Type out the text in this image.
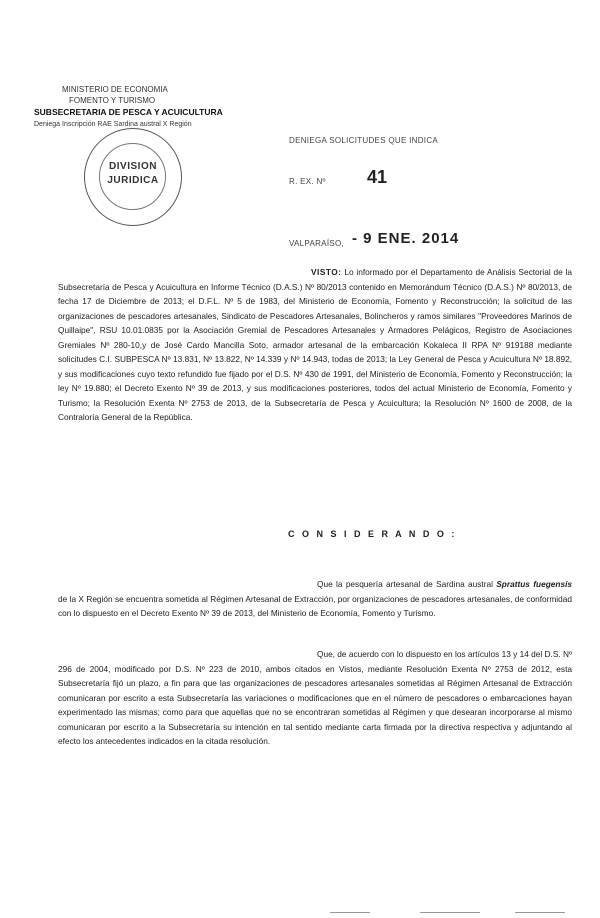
MINISTERIO DE ECONOMIA
FOMENTO Y TURISMO
SUBSECRETARIA DE PESCA Y ACUICULTURA
Deniega Inscripción RAE Sardina austral X Región
DIVISION
JURIDICA
DENIEGA SOLICITUDES QUE INDICA
R. EX. Nº 41
VALPARAÍSO, - 9 ENE. 2014
VISTO: Lo informado por el Departamento de Análisis Sectorial de la Subsecretaría de Pesca y Acuicultura en Informe Técnico (D.A.S.) Nº 80/2013 contenido en Memorándum Técnico (D.A.S.) Nº 80/2013, de fecha 17 de Diciembre de 2013; el D.F.L. Nº 5 de 1983, del Ministerio de Economía, Fomento y Reconstrucción; la solicitud de las organizaciones de pescadores artesanales, Sindicato de Pescadores Artesanales, Bolincheros y ramos similares "Proveedores Marinos de Quillaipe", RSU 10.01.0835 por la Asociación Gremial de Pescadores Artesanales y Armadores Pelágicos, Registro de Asociaciones Gremiales Nº 280-10,y de José Cardo Mancilla Soto, armador artesanal de la embarcación Kokaleca II RPA Nº 919188 mediante solicitudes C.I. SUBPESCA Nº 13.831, Nº 13.822, Nº 14.339 y Nº 14.943, todas de 2013; la Ley General de Pesca y Acuicultura Nº 18.892, y sus modificaciones cuyo texto refundido fue fijado por el D.S. Nº 430 de 1991, del Ministerio de Economía, Fomento y Reconstrucción; la ley Nº 19.880; el Decreto Exento Nº 39 de 2013, y sus modificaciones posteriores, todos del actual Ministerio de Economía, Fomento y Turismo; la Resolución Exenta Nº 2753 de 2013, de la Subsecretaría de Pesca y Acuicultura; la Resolución Nº 1600 de 2008, de la Contraloría General de la República.
C O N S I D E R A N D O :
Que la pesquería artesanal de Sardina austral Sprattus fuegensis de la X Región se encuentra sometida al Régimen Artesanal de Extracción, por organizaciones de pescadores artesanales, de conformidad con lo dispuesto en el Decreto Exento Nº 39 de 2013, del Ministerio de Economía, Fomento y Turismo.
Que, de acuerdo con lo dispuesto en los artículos 13 y 14 del D.S. Nº 296 de 2004, modificado por D.S. Nº 223 de 2010, ambos citados en Vistos, mediante Resolución Exenta Nº 2753 de 2012, esta Subsecretaría fijó un plazo, a fin para que las organizaciones de pescadores artesanales sometidas al Régimen Artesanal de Extracción comunicaran por escrito a esta Subsecretaría las variaciones o modificaciones que en el número de pescadores o embarcaciones hayan experimentado las mismas; como para que aquellas que no se encontraran sometidas al Régimen y que desearan incorporarse al mismo comunicaran por escrito a la Subsecretaría su intención en tal sentido mediante carta firmada por la directiva respectiva y adjuntando al efecto los antecedentes indicados en la citada resolución.
